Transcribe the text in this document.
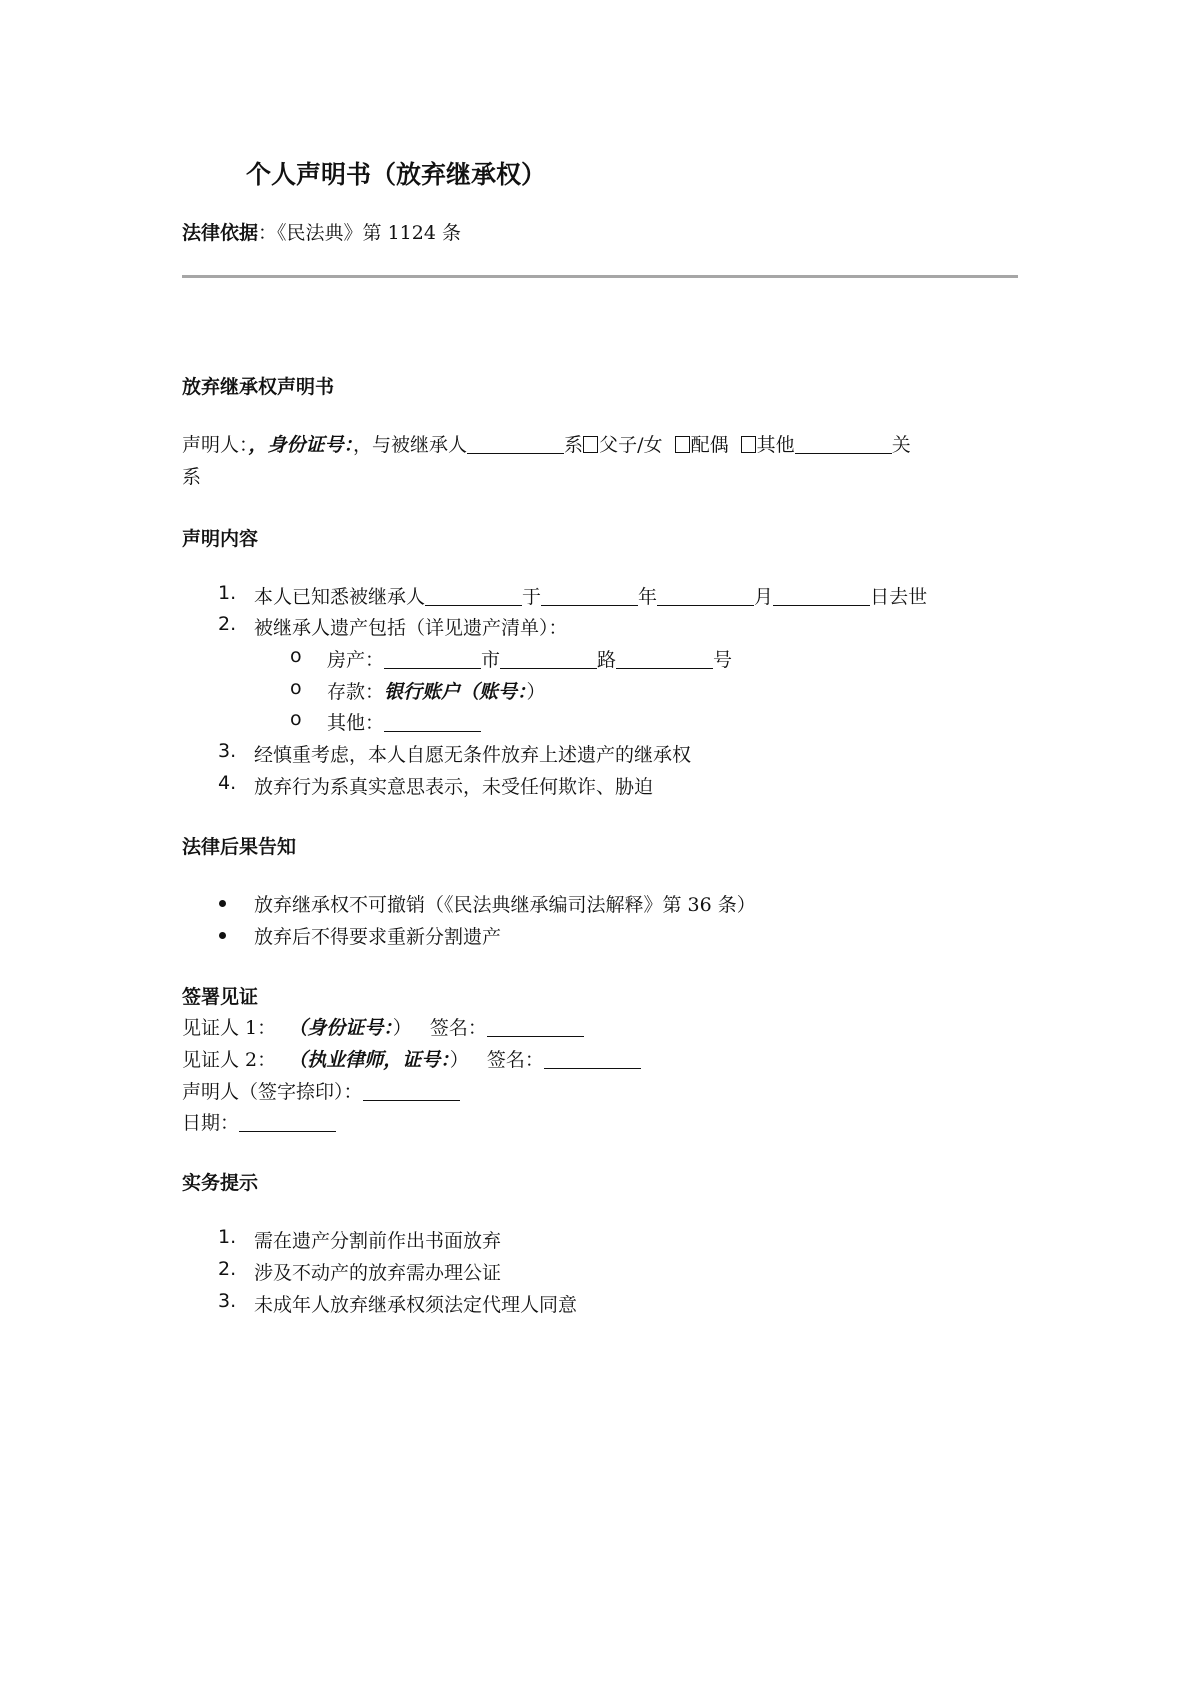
个人声明书（放弃继承权）
法律依据：《民法典》第 1124 条
放弃继承权声明书
声明人：，身份证号：，与被继承人	系 父子/女 配偶 其他	关
系
声明内容
1. 本人已知悉被继承人	于	年	月	日去世
2. 被继承人遗产包括（详见遗产清单）：
o 房产：	市	路	号
o 存款：银行账户（账号：）
o 其他：
3. 经慎重考虑，本人自愿无条件放弃上述遗产的继承权
4. 放弃行为系真实意思表示，未受任何欺诈、胁迫
法律后果告知
放弃继承权不可撤销（《民法典继承编司法解释》第 36 条）
放弃后不得要求重新分割遗产
签署见证
见证人 1： （身份证号：） 签名：
见证人 2： （执业律师，证号：） 签名：
声明人（签字捺印）：
日期：
实务提示
1. 需在遗产分割前作出书面放弃
2. 涉及不动产的放弃需办理公证
3. 未成年人放弃继承权须法定代理人同意
